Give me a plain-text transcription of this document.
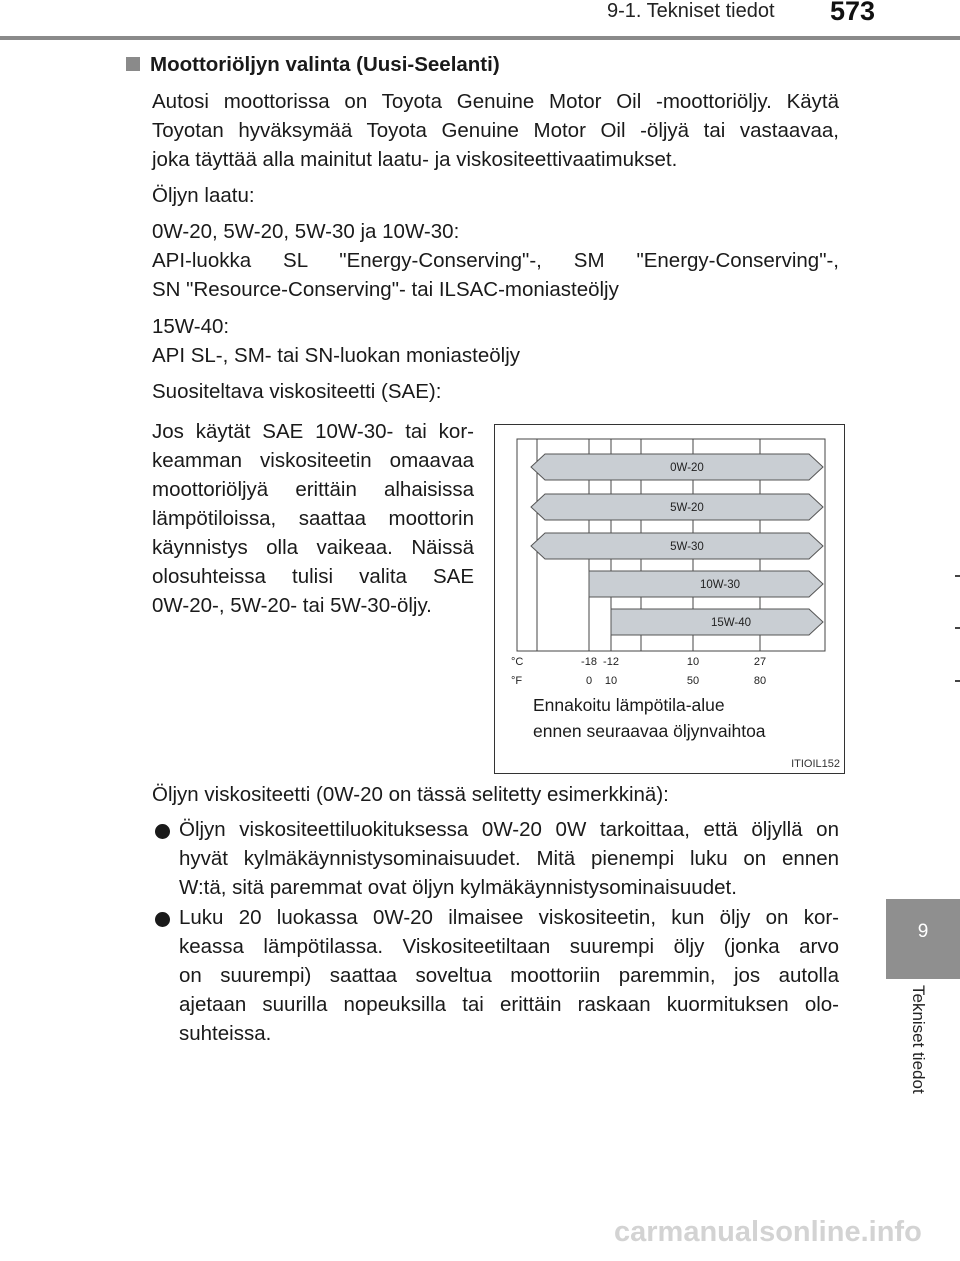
9-1. Tekniset tiedot 573
9
Tekniset tiedot
Moottoriöljyn valinta (Uusi-Seelanti)
Autosi moottorissa on Toyota Genuine Motor Oil -moottoriöljy. Käytä
Toyotan hyväksymää Toyota Genuine Motor Oil -öljyä tai vastaavaa,
joka täyttää alla mainitut laatu- ja viskositeettivaatimukset.
Öljyn laatu:
0W-20, 5W-20, 5W-30 ja 10W-30:
API-luokka SL "Energy-Conserving"-, SM "Energy-Conserving"-,
SN "Resource-Conserving"- tai ILSAC-moniasteöljy
15W-40:
API SL-, SM- tai SN-luokan moniasteöljy
Suositeltava viskositeetti (SAE):
Jos käytät SAE 10W-30- tai kor-
keamman viskositeetin omaavaa
moottoriöljyä erittäin alhaisissa
lämpötiloissa, saattaa moottorin
käynnistys olla vaikeaa. Näissä
olosuhteissa tulisi valita SAE
0W-20-, 5W-20- tai 5W-30-öljy.
0W-20
5W-20
5W-30
10W-30
15W-40
°C
°F
-18 -12	10	27
0 10	50	80
Ennakoitu lämpötila-alue
ennen seuraavaa öljynvaihtoa
ITIOIL152
Öljyn viskositeetti (0W-20 on tässä selitetty esimerkkinä):
Öljyn viskositeettiluokituksessa 0W-20 0W tarkoittaa, että öljyllä on
hyvät kylmäkäynnistysominaisuudet. Mitä pienempi luku on ennen
W:tä, sitä paremmat ovat öljyn kylmäkäynnistysominaisuudet.
Luku 20 luokassa 0W-20 ilmaisee viskositeetin, kun öljy on kor-
keassa lämpötilassa. Viskositeetiltaan suurempi öljy (jonka arvo
on suurempi) saattaa soveltua moottoriin paremmin, jos autolla
ajetaan suurilla nopeuksilla tai erittäin raskaan kuormituksen olo-
suhteissa.
carmanualsonline.info
